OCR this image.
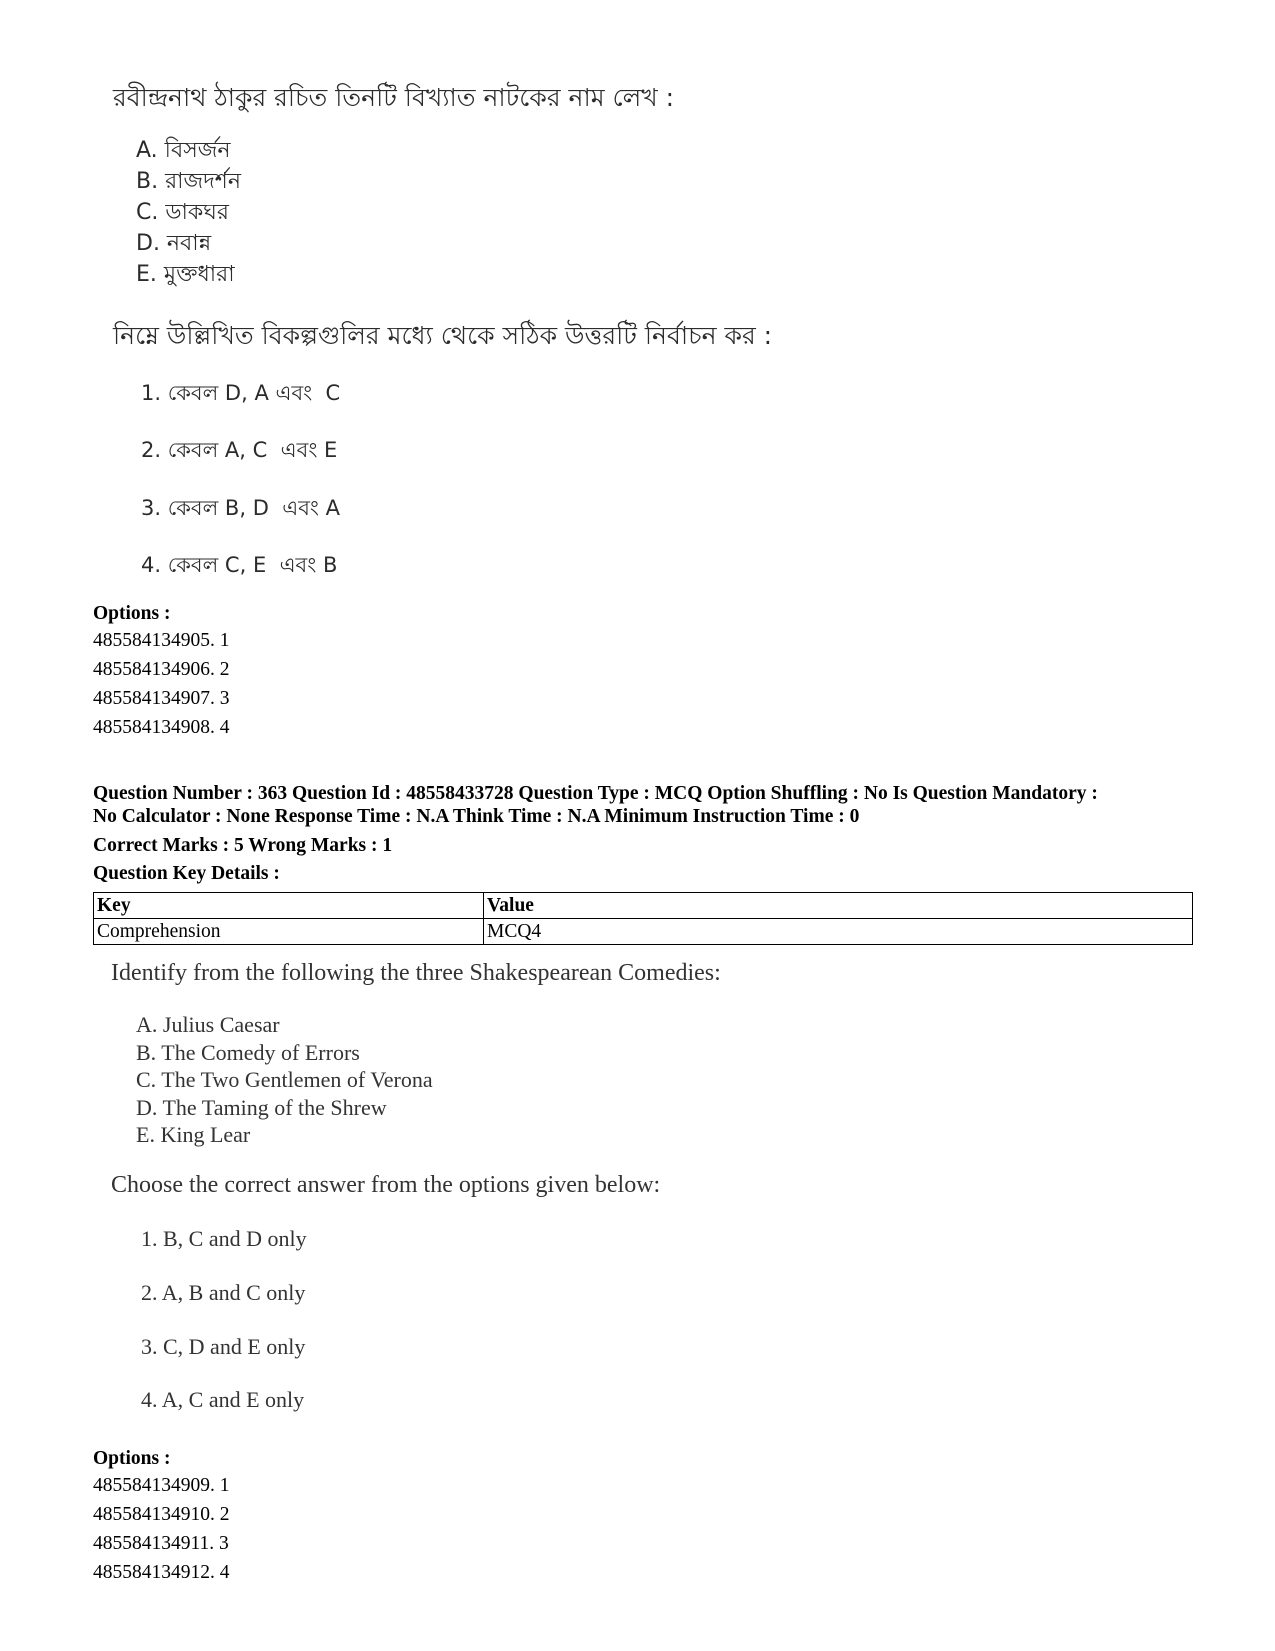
রবীন্দ্রনাথ ঠাকুর রচিত তিনটি বিখ্যাত নাটকের নাম লেখ :
A. বিসর্জন
B. রাজদর্শন
C. ডাকঘর
D. নবান্ন
E. মুক্তধারা
নিম্নে উল্লিখিত বিকল্পগুলির মধ্যে থেকে সঠিক উত্তরটি নির্বাচন কর :
1. কেবল D, A এবং  C
2. কেবল A, C  এবং E
3. কেবল B, D  এবং A
4. কেবল C, E  এবং B
Options :
485584134905. 1
485584134906. 2
485584134907. 3
485584134908. 4
Question Number : 363 Question Id : 48558433728 Question Type : MCQ Option Shuffling : No Is Question Mandatory :
No Calculator : None Response Time : N.A Think Time : N.A Minimum Instruction Time : 0
Correct Marks : 5 Wrong Marks : 1
Question Key Details :
Key	Value
Comprehension	MCQ4
Identify from the following the three Shakespearean Comedies:
A. Julius Caesar
B. The Comedy of Errors
C. The Two Gentlemen of Verona
D. The Taming of the Shrew
E. King Lear
Choose the correct answer from the options given below:
1. B, C and D only
2. A, B and C only
3. C, D and E only
4. A, C and E only
Options :
485584134909. 1
485584134910. 2
485584134911. 3
485584134912. 4
